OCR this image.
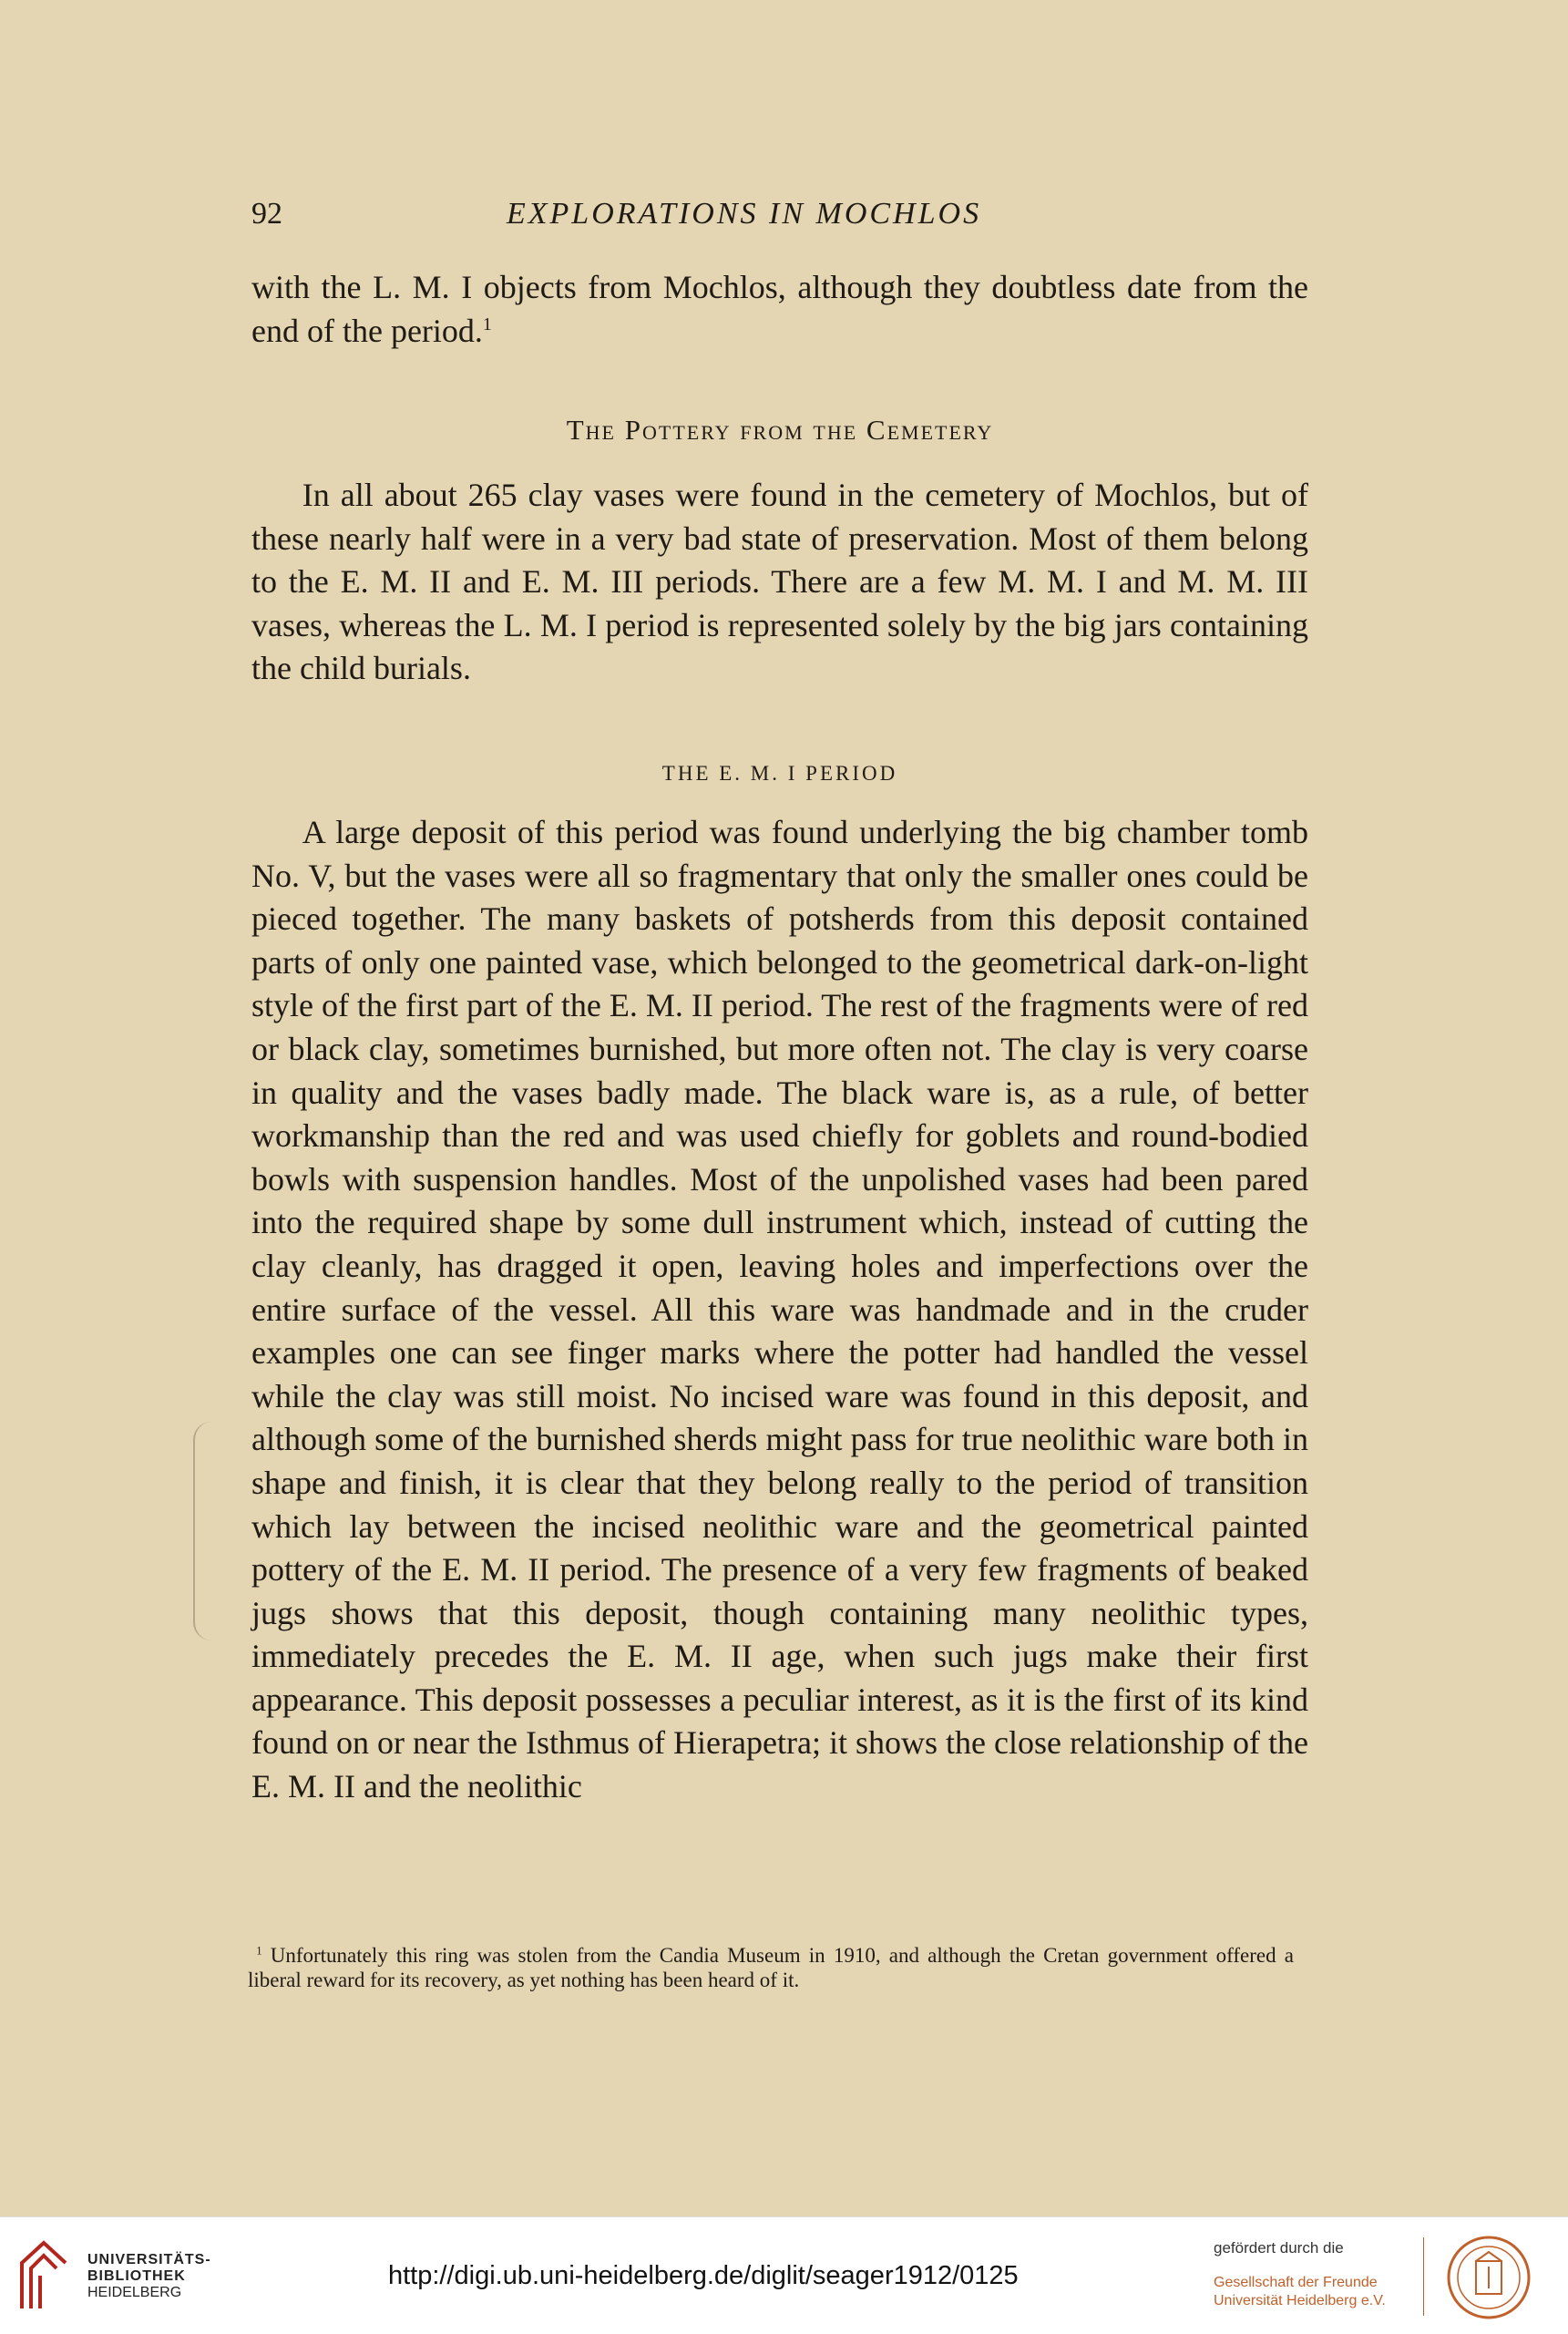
92	EXPLORATIONS IN MOCHLOS

with the L. M. I objects from Mochlos, although they doubtless date from the end of the period.$^1$

The Pottery from the Cemetery

In all about 265 clay vases were found in the cemetery of Mochlos, but of these nearly half were in a very bad state of preservation. Most of them belong to the E. M. II and E. M. III periods. There are a few M. M. I and M. M. III vases, whereas the L. M. I period is represented solely by the big jars containing the child burials.

THE E. M. I PERIOD

A large deposit of this period was found underlying the big chamber tomb No. V, but the vases were all so fragmentary that only the smaller ones could be pieced together. The many baskets of potsherds from this deposit contained parts of only one painted vase, which belonged to the geometrical dark-on-light style of the first part of the E. M. II period. The rest of the fragments were of red or black clay, sometimes burnished, but more often not. The clay is very coarse in quality and the vases badly made. The black ware is, as a rule, of better workmanship than the red and was used chiefly for goblets and round-bodied bowls with suspension handles. Most of the unpolished vases had been pared into the required shape by some dull instrument which, instead of cutting the clay cleanly, has dragged it open, leaving holes and imperfections over the entire surface of the vessel. All this ware was handmade and in the cruder examples one can see finger marks where the potter had handled the vessel while the clay was still moist. No incised ware was found in this deposit, and although some of the burnished sherds might pass for true neolithic ware both in shape and finish, it is clear that they belong really to the period of transition which lay between the incised neolithic ware and the geometrical painted pottery of the E. M. II period. The presence of a very few fragments of beaked jugs shows that this deposit, though containing many neolithic types, immediately precedes the E. M. II age, when such jugs make their first appearance. This deposit possesses a peculiar interest, as it is the first of its kind found on or near the Isthmus of Hierapetra; it shows the close relationship of the E. M. II and the neolithic

$^1$ Unfortunately this ring was stolen from the Candia Museum in 1910, and although the Cretan government offered a liberal reward for its recovery, as yet nothing has been heard of it.

UNIVERSITÄTS-
BIBLIOTHEK
HEIDELBERG
http://digi.ub.uni-heidelberg.de/diglit/seager1912/0125
gefördert durch die
Gesellschaft der Freunde
Universität Heidelberg e.V.
